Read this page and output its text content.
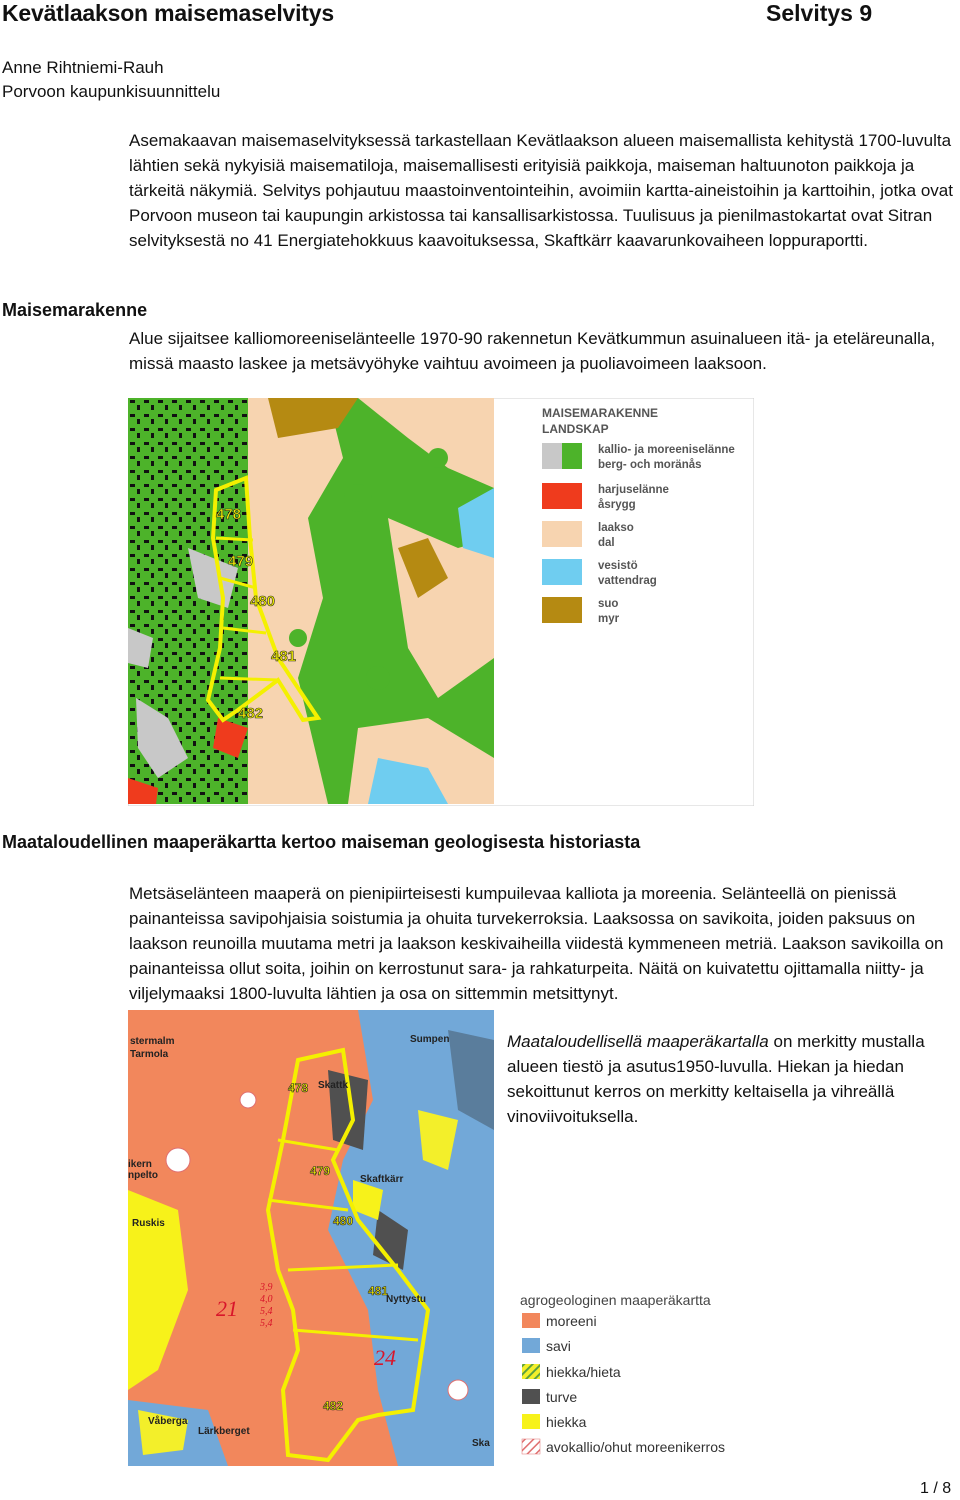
Kevätlaakson maisemaselvitys	Selvitys 9
Anne Rihtniemi-Rauh
Porvoon kaupunkisuunnittelu
Asemakaavan maisemaselvityksessä tarkastellaan Kevätlaakson alueen maisemallista kehitystä 1700-luvulta lähtien sekä nykyisiä maisematiloja, maisemallisesti erityisiä paikkoja, maiseman haltuunoton paikkoja ja tärkeitä näkymiä. Selvitys pohjautuu maastoinventointeihin, avoimiin kartta-aineistoihin ja karttoihin, jotka ovat Porvoon museon tai kaupungin arkistossa tai kansallisarkistossa. Tuulisuus ja pienilmastokartat ovat Sitran selvityksestä no 41 Energiatehokkuus kaavoituksessa, Skaftkärr kaavarunkovaiheen loppuraportti.
Maisemarakenne
Alue sijaitsee kalliomoreeniselänteelle 1970-90 rakennetun Kevätkummun asuinalueen itä- ja eteläreunalla, missä maasto laskee ja metsävyöhyke vaihtuu avoimeen ja puoliavoimeen laaksoon.
478
479
480
481
482
MAISEMARAKENNE
LANDSKAP
kallio- ja moreeniselänne
berg- och moränås
harjuselänne
åsrygg
laakso
dal
vesistö
vattendrag
suo
myr
Maataloudellinen maaperäkartta kertoo maiseman geologisesta historiasta
Metsäselänteen maaperä on pienipiirteisesti kumpuilevaa kalliota ja moreenia. Selänteellä on pienissä painanteissa savipohjaisia soistumia ja ohuita turvekerroksia. Laaksossa on savikoita, joiden paksuus on laakson reunoilla muutama metri ja laakson keskivaiheilla viidestä kymmeneen metriä. Laakson savikoilla on painanteissa ollut soita, joihin on kerrostunut sara- ja rahkaturpeita. Näitä on kuivatettu ojittamalla niitty- ja viljelymaaksi 1800-luvulta lähtien ja osa on sittemmin metsittynyt.
478
479
480
481
482
stermalm
Tarmola
Sumpen
Skattk
Skaftkärr
Ruskis
ikern
npelto
Nyttystu
Lärkberget
Våberga
Ska
21
24
3,9
4,0
5,4
5,4
agrogeologinen maaperäkartta
moreeni
savi
hiekka/hieta
turve
hiekka
avokallio/ohut moreenikerros
Maataloudellisellä maaperäkartalla on merkitty mustalla alueen tiestö ja asutus1950-luvulla. Hiekan ja hiedan sekoittunut kerros on merkitty keltaisella ja vihreällä vinoviivoituksella.
1 / 8
